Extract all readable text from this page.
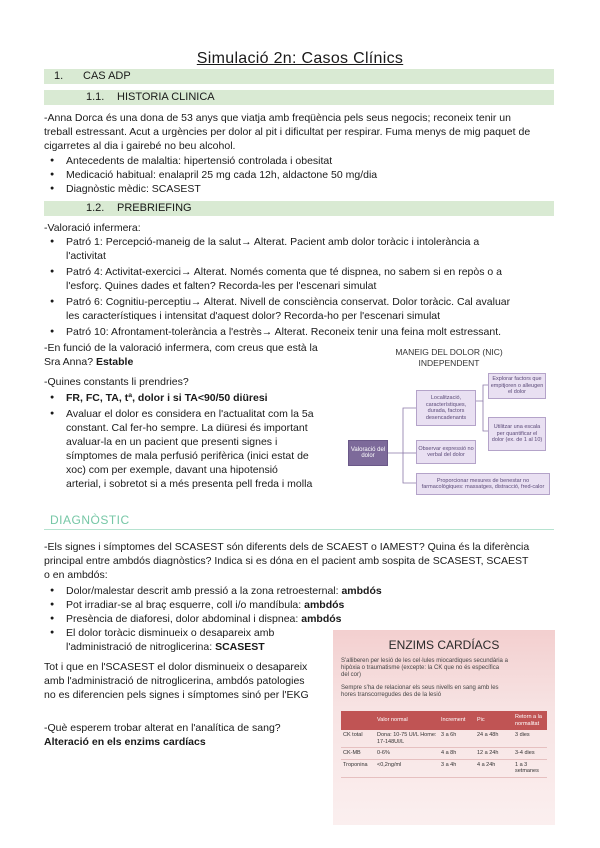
Simulació 2n: Casos Clínics
1. CAS ADP
1.1. HISTORIA CLINICA
-Anna Dorca és una dona de 53 anys que viatja amb freqüència pels seus negocis; reconeix tenir un
treball estressant. Acut a urgències per dolor al pit i dificultat per respirar. Fuma menys de mig paquet de
cigarretes al dia i gairebé no beu alcohol.
● Antecedents de malaltia: hipertensió controlada i obesitat
● Medicació habitual: enalapril 25 mg cada 12h, aldactone 50 mg/dia
● Diagnòstic mèdic: SCASEST
1.2. PREBRIEFING
-Valoració infermera:
● Patró 1: Percepció-maneig de la salut→ Alterat. Pacient amb dolor toràcic i intolerància a
l'activitat
● Patró 4: Activitat-exercici→ Alterat. Només comenta que té dispnea, no sabem si en repòs o a
l'esforç. Quines dades et falten? Recorda-les per l'escenari simulat
● Patró 6: Cognitiu-perceptiu→ Alterat. Nivell de consciència conservat. Dolor toràcic. Cal avaluar
les característiques i intensitat d'aquest dolor? Recorda-ho per l'escenari simulat
● Patró 10: Afrontament-tolerància a l'estrès→ Alterat. Reconeix tenir una feina molt estressant.
-En funció de la valoració infermera, com creus que està la
Sra Anna? Estable
-Quines constants li prendries?
● FR, FC, TA, tª, dolor i si TA<90/50 diüresi
● Avaluar el dolor es considera en l'actualitat com la 5a
constant. Cal fer-ho sempre. La diüresi és important
avaluar-la en un pacient que presenti signes i
símptomes de mala perfusió perifèrica (inici estat de
xoc) com per exemple, davant una hipotensió
arterial, i sobretot si a més presenta pell freda i molla
MANEIG DEL DOLOR (NIC)
INDEPENDENT
Valoració del dolor
Localització, característiques, durada, factors desencadenants
Observar expressió no verbal del dolor
Proporcionar mesures de benestar no farmacològiques: massatges, distracció, fred-calor
Explorar factors que empitjoren o alleugen el dolor
Utilitzar una escala per quantificar el dolor (ex. de 1 al 10)
DIAGNÒSTIC
-Els signes i símptomes del SCASEST són diferents dels de SCAEST o IAMEST? Quina és la diferència
principal entre ambdós diagnòstics? Indica si es dóna en el pacient amb sospita de SCASEST, SCAEST
o en ambdós:
● Dolor/malestar descrit amb pressió a la zona retroesternal: ambdós
● Pot irradiar-se al braç esquerre, coll i/o mandíbula: ambdós
● Presència de diaforesi, dolor abdominal i dispnea: ambdós
● El dolor toràcic disminueix o desapareix amb
l'administració de nitroglicerina: SCASEST
Tot i que en l'SCASEST el dolor disminueix o desapareix
amb l'administració de nitroglicerina, ambdós patologies
no es diferencien pels signes i símptomes sinó per l'EKG
-Què esperem trobar alterat en l'analítica de sang?
Alteració en els enzims cardíacs
ENZIMS CARDÍACS
S'alliberen per lesió de les cel·lules miocardiques secundària a
hipòxia o traumatisme (excepte: la CK que no és específica
del cor)
Sempre s'ha de relacionar els seus nivells en sang amb les
hores transcorregudes des de la lesió
	Valor normal	Increment	Pic	Retorn a la normalitat
CK total	Dona: 10-75 UI/L Home: 17-148UI/L	3 a 6h	24 a 48h	3 dies
CK-MB	0-6%	4 a 8h	12 a 24h	3-4 dies
Troponina	<0,2ng/ml	3 a 4h	4 a 24h	1 a 3 setmanes
